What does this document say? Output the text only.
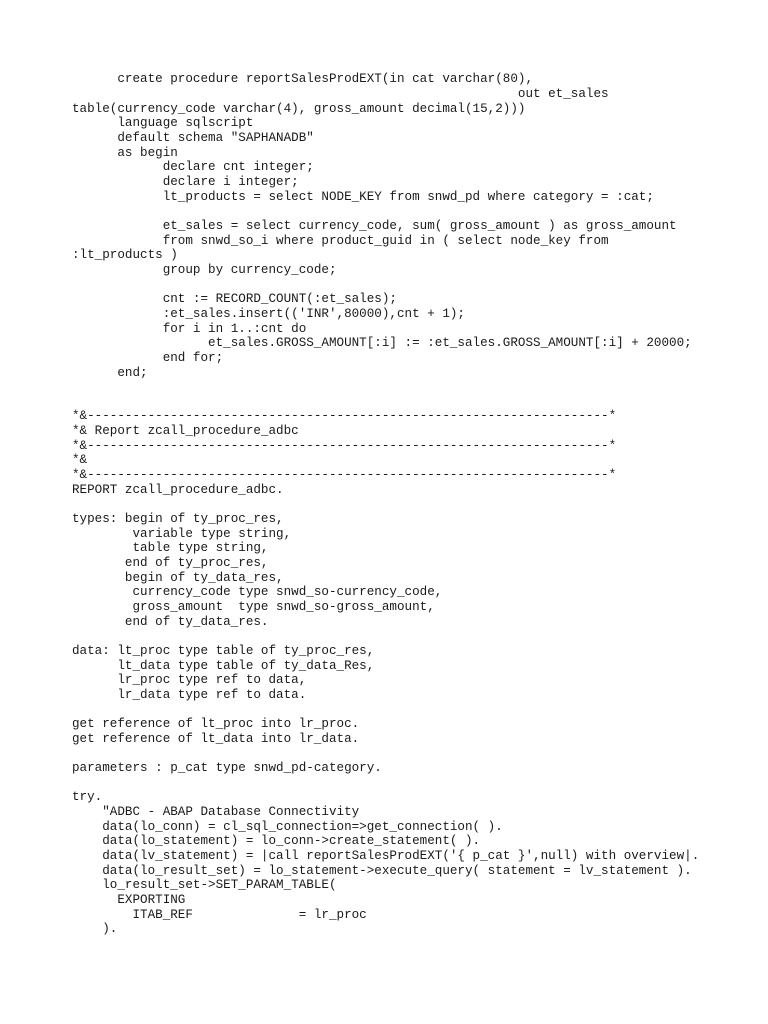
create procedure reportSalesProdEXT(in cat varchar(80),
out et_sales
table(currency_code varchar(4), gross_amount decimal(15,2)))
language sqlscript
default schema "SAPHANADB"
as begin
declare cnt integer;
declare i integer;
lt_products = select NODE_KEY from snwd_pd where category = :cat;
et_sales = select currency_code, sum( gross_amount ) as gross_amount
from snwd_so_i where product_guid in ( select node_key from
:lt_products )
group by currency_code;
cnt := RECORD_COUNT(:et_sales);
:et_sales.insert(('INR',80000),cnt + 1);
for i in 1..:cnt do
et_sales.GROSS_AMOUNT[:i] := :et_sales.GROSS_AMOUNT[:i] + 20000;
end for;
end;
*&---------------------------------------------------------------------*
*& Report zcall_procedure_adbc
*&---------------------------------------------------------------------*
*&
*&---------------------------------------------------------------------*
REPORT zcall_procedure_adbc.
types: begin of ty_proc_res,
variable type string,
table type string,
end of ty_proc_res,
begin of ty_data_res,
currency_code type snwd_so-currency_code,
gross_amount  type snwd_so-gross_amount,
end of ty_data_res.
data: lt_proc type table of ty_proc_res,
lt_data type table of ty_data_Res,
lr_proc type ref to data,
lr_data type ref to data.
get reference of lt_proc into lr_proc.
get reference of lt_data into lr_data.
parameters : p_cat type snwd_pd-category.
try.
"ADBC - ABAP Database Connectivity
data(lo_conn) = cl_sql_connection=>get_connection( ).
data(lo_statement) = lo_conn->create_statement( ).
data(lv_statement) = |call reportSalesProdEXT('{ p_cat }',null) with overview|.
data(lo_result_set) = lo_statement->execute_query( statement = lv_statement ).
lo_result_set->SET_PARAM_TABLE(
EXPORTING
ITAB_REF              = lr_proc
).
